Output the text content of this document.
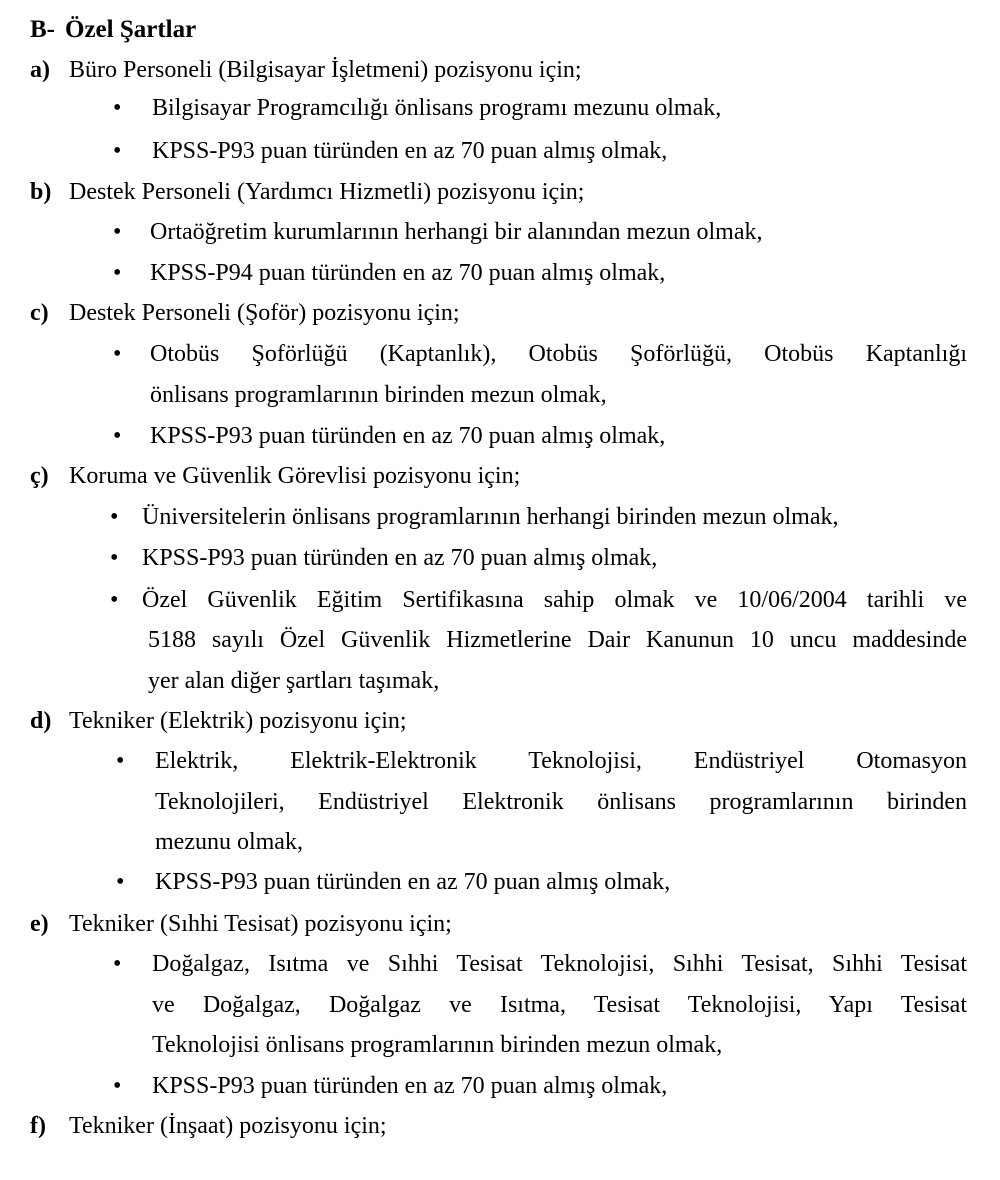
B- Özel Şartlar
a) Büro Personeli (Bilgisayar İşletmeni) pozisyonu için;
• Bilgisayar Programcılığı önlisans programı mezunu olmak,
• KPSS-P93 puan türünden en az 70 puan almış olmak,
b) Destek Personeli (Yardımcı Hizmetli) pozisyonu için;
• Ortaöğretim kurumlarının herhangi bir alanından mezun olmak,
• KPSS-P94 puan türünden en az 70 puan almış olmak,
c) Destek Personeli (Şoför) pozisyonu için;
• Otobüs Şoförlüğü (Kaptanlık), Otobüs Şoförlüğü, Otobüs Kaptanlığı
önlisans programlarının birinden mezun olmak,
• KPSS-P93 puan türünden en az 70 puan almış olmak,
ç) Koruma ve Güvenlik Görevlisi pozisyonu için;
• Üniversitelerin önlisans programlarının herhangi birinden mezun olmak,
• KPSS-P93 puan türünden en az 70 puan almış olmak,
• Özel Güvenlik Eğitim Sertifikasına sahip olmak ve 10/06/2004 tarihli ve
5188 sayılı Özel Güvenlik Hizmetlerine Dair Kanunun 10 uncu maddesinde
yer alan diğer şartları taşımak,
d) Tekniker (Elektrik) pozisyonu için;
• Elektrik, Elektrik-Elektronik Teknolojisi, Endüstriyel Otomasyon
Teknolojileri, Endüstriyel Elektronik önlisans programlarının birinden
mezunu olmak,
• KPSS-P93 puan türünden en az 70 puan almış olmak,
e) Tekniker (Sıhhi Tesisat) pozisyonu için;
• Doğalgaz, Isıtma ve Sıhhi Tesisat Teknolojisi, Sıhhi Tesisat, Sıhhi Tesisat
ve Doğalgaz, Doğalgaz ve Isıtma, Tesisat Teknolojisi, Yapı Tesisat
Teknolojisi önlisans programlarının birinden mezun olmak,
• KPSS-P93 puan türünden en az 70 puan almış olmak,
f) Tekniker (İnşaat) pozisyonu için;
